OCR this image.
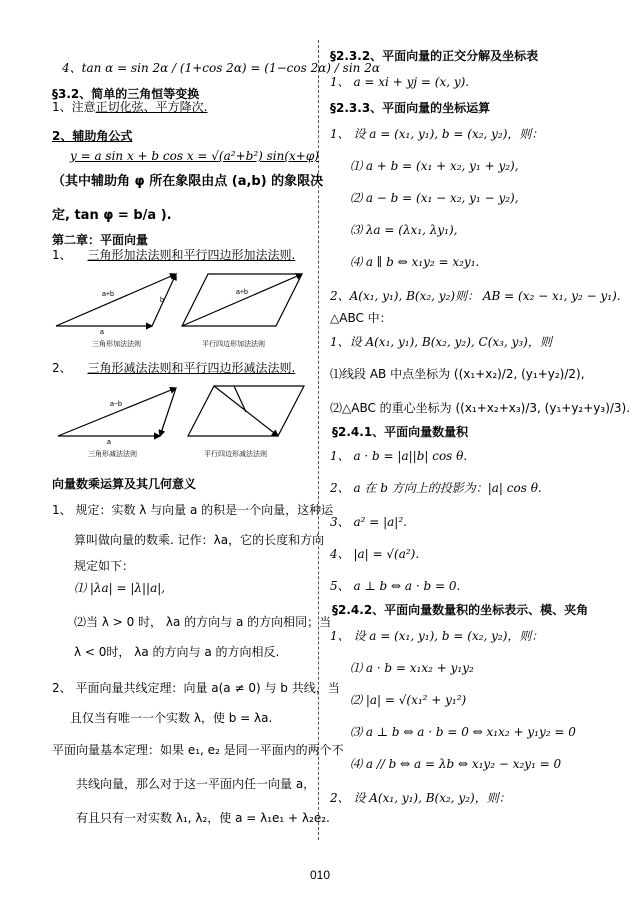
4、tan α = sin 2α / (1+cos 2α) = (1−cos 2α) / sin 2α
§3.2、简单的三角恒等变换
1、注意正切化弦、平方降次.
2、辅助角公式
y = a sin x + b cos x = √(a²+b²) sin(x+φ)
（其中辅助角 φ 所在象限由点 (a,b) 的象限决
定, tan φ = b/a ).
第二章：平面向量
1、 三角形加法法则和平行四边形加法法则.
a+b
b
a
a+b
三角形加法法则	平行四边形加法法则
2、 三角形减法法则和平行四边形减法法则.
a−b
a
三角形减法法则	平行四边形减法法则
向量数乘运算及其几何意义
1、 规定：实数 λ 与向量 a 的积是一个向量，这种运
算叫做向量的数乘. 记作：λa，它的长度和方向
规定如下：
⑴ |λa| = |λ||a|,
⑵当 λ > 0 时， λa 的方向与 a 的方向相同；当
λ < 0时， λa 的方向与 a 的方向相反.
2、 平面向量共线定理：向量 a(a ≠ 0) 与 b 共线，当
且仅当有唯一一个实数 λ，使 b = λa.
平面向量基本定理：如果 e₁, e₂ 是同一平面内的两个不
共线向量，那么对于这一平面内任一向量 a，
有且只有一对实数 λ₁, λ₂，使 a = λ₁e₁ + λ₂e₂.
§2.3.2、平面向量的正交分解及坐标表
1、 a = xi + yj = (x, y).
§2.3.3、平面向量的坐标运算
1、 设 a = (x₁, y₁), b = (x₂, y₂)，则：
⑴ a + b = (x₁ + x₂, y₁ + y₂),
⑵ a − b = (x₁ − x₂, y₁ − y₂),
⑶ λa = (λx₁, λy₁),
⑷ a ∥ b ⇔ x₁y₂ = x₂y₁.
2、A(x₁, y₁), B(x₂, y₂)则： AB = (x₂ − x₁, y₂ − y₁).
△ABC 中：
1、设 A(x₁, y₁), B(x₂, y₂), C(x₃, y₃)，则
⑴线段 AB 中点坐标为 ((x₁+x₂)/2, (y₁+y₂)/2),
⑵△ABC 的重心坐标为 ((x₁+x₂+x₃)/3, (y₁+y₂+y₃)/3).
§2.4.1、平面向量数量积
1、 a · b = |a||b| cos θ.
2、 a 在 b 方向上的投影为：|a| cos θ.
3、 a² = |a|².
4、 |a| = √(a²).
5、 a ⊥ b ⇔ a · b = 0.
§2.4.2、平面向量数量积的坐标表示、模、夹角
1、 设 a = (x₁, y₁), b = (x₂, y₂)，则：
⑴ a · b = x₁x₂ + y₁y₂
⑵ |a| = √(x₁² + y₁²)
⑶ a ⊥ b ⇔ a · b = 0 ⇔ x₁x₂ + y₁y₂ = 0
⑷ a // b ⇔ a = λb ⇔ x₁y₂ − x₂y₁ = 0
2、 设 A(x₁, y₁), B(x₂, y₂)，则：
010
